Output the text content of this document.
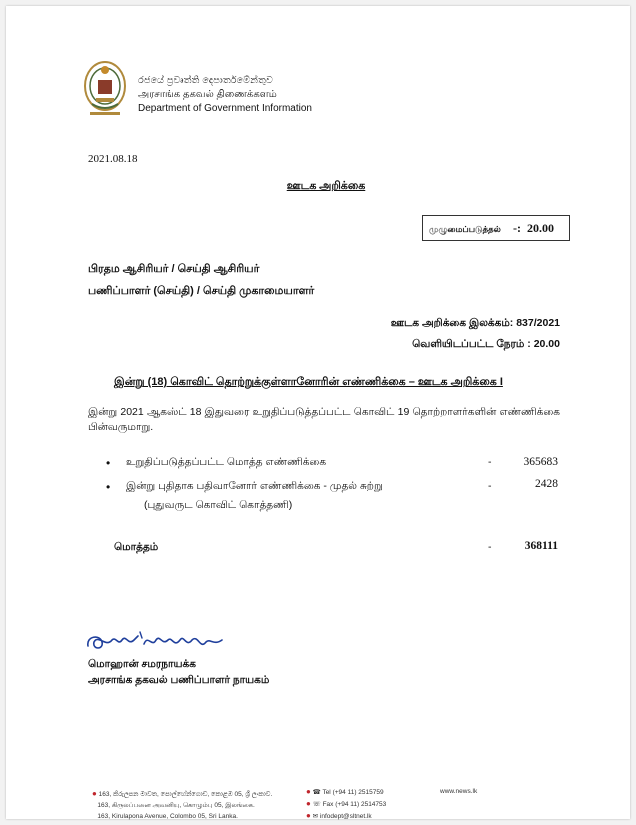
රජයේ ප්‍රවෘත්ති දෙපාර්තමේන්තුව
அரசாங்க தகவல் திணைக்களம்
Department of Government Information
2021.08.18
ஊடக அறிக்கை
முழுமைப்படுத்தல் -: 20.00
பிரதம ஆசிரியர் / செய்தி ஆசிரியர்
பணிப்பாளர் (செய்தி) / செய்தி முகாமையாளர்
ஊடக அறிக்கை இலக்கம்: 837/2021
வெளியிடப்பட்ட நேரம் : 20.00
இன்று (18) கொவிட் தொற்றுக்குள்ளானோரின் எண்ணிக்கை – ஊடக அறிக்கை I
இன்று 2021 ஆகஸ்ட் 18 இதுவரை உறுதிப்படுத்தப்பட்ட கொவிட் 19 தொற்றாளர்களின் எண்ணிக்கை பின்வருமாறு.
• உறுதிப்படுத்தப்பட்ட மொத்த எண்ணிக்கை	-	365683
• இன்று புதிதாக பதிவானோர் எண்ணிக்கை - முதல் சுற்று	-	2428
(புதுவருட கொவிட் கொத்தணி)
மொத்தம்	-	368111
மொஹான் சமரநாயக்க
அரசாங்க தகவல் பணிப்பாளர் நாயகம்
● 163, කිරුලපන මාවත, පොල්හේන්ගොඩ, කොළඹ 05, ශ්‍රී ලංකාව.
163, கிருலப்பனை அவனியு, கொழும்பு 05, இலங்கை.
163, Kirulapona Avenue, Colombo 05, Sri Lanka.
● ☎ Tel (+94 11) 2515759
● ☏ Fax (+94 11) 2514753
● ✉ infodept@sltnet.lk
www.news.lk
